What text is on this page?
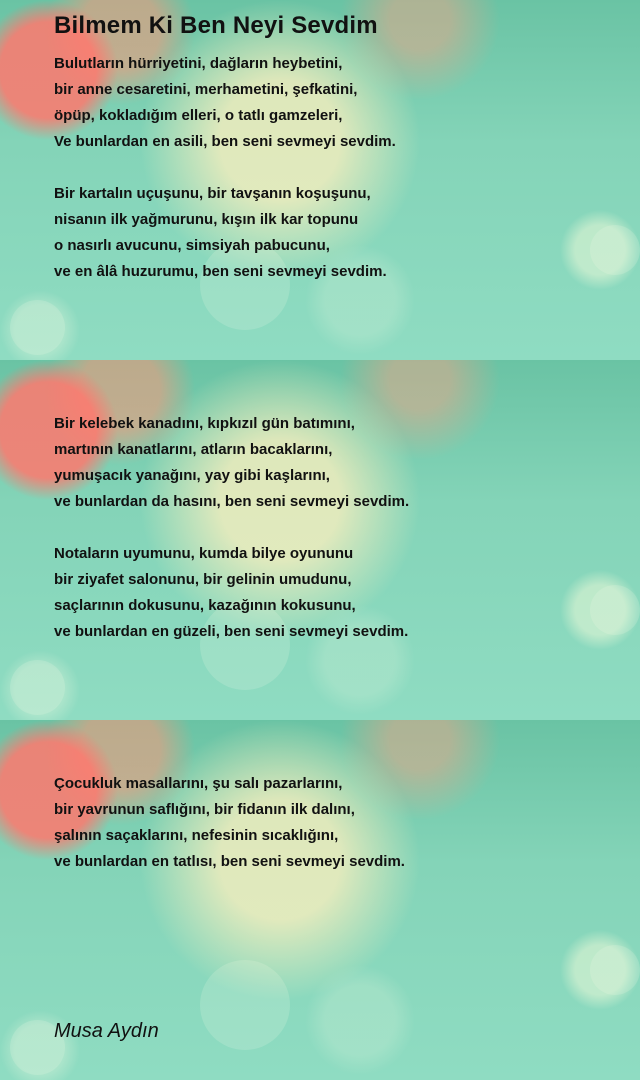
Bilmem Ki Ben Neyi Sevdim
Bulutların hürriyetini, dağların heybetini,
bir anne cesaretini, merhametini, şefkatini,
öpüp, kokladığım elleri, o tatlı gamzeleri,
Ve bunlardan en asili, ben seni sevmeyi sevdim.
Bir kartalın uçuşunu, bir tavşanın koşuşunu,
nisanın ilk yağmurunu, kışın ilk kar topunu
o nasırlı avucunu, simsiyah pabucunu,
ve en âlâ huzurumu, ben seni sevmeyi sevdim.
Bir kelebek kanadını, kıpkızıl gün batımını,
martının kanatlarını, atların bacaklarını,
yumuşacık yanağını, yay gibi kaşlarını,
ve bunlardan da hasını, ben seni sevmeyi sevdim.
Notaların uyumunu, kumda bilye oyununu
bir ziyafet salonunu, bir gelinin umudunu,
saçlarının dokusunu, kazağının kokusunu,
ve bunlardan en güzeli, ben seni sevmeyi sevdim.
Çocukluk masallarını, şu salı pazarlarını,
bir yavrunun saflığını, bir fidanın ilk dalını,
şalının saçaklarını, nefesinin sıcaklığını,
ve bunlardan en tatlısı, ben seni sevmeyi sevdim.

Musa Aydın
